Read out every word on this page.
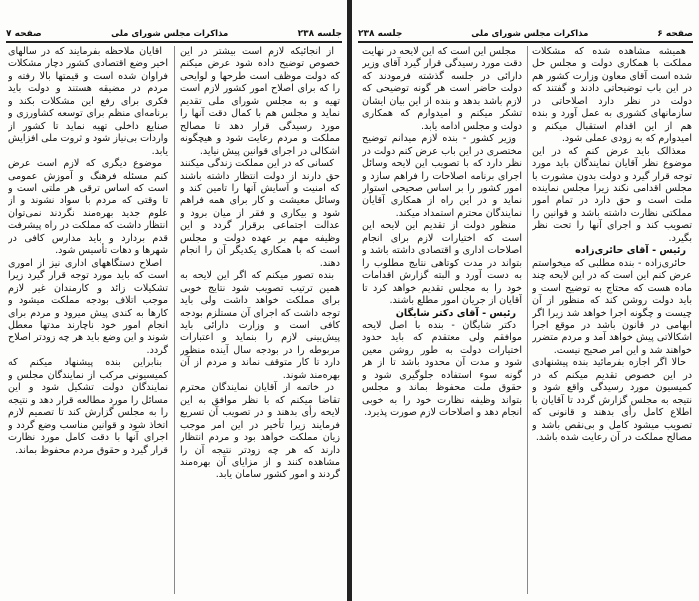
جلسه ۲۳۸
مذاکرات مجلس شورای ملی
صفحه ۷

از آنجائیکه لازم است بیشتر در این خصوص توضیح داده شود عرض میکنم که دولت موظف است طرحها و لوایحی را که برای اصلاح امور کشور لازم است تهیه و به مجلس شورای ملی تقدیم نماید و مجلس هم با کمال دقت آنها را مورد رسیدگی قرار دهد تا مصالح مملکت و مردم رعایت شود و هیچگونه اشکالی در اجرای قوانین پیش نیاید.

کسانی که در این مملکت زندگی میکنند حق دارند از دولت انتظار داشته باشند که امنیت و آسایش آنها را تامین کند و وسائل معیشت و کار برای همه فراهم شود و بیکاری و فقر از میان برود و عدالت اجتماعی برقرار گردد و این وظیفه مهم بر عهده دولت و مجلس است که با همکاری یکدیگر آن را انجام دهند.

بنده تصور میکنم که اگر این لایحه به همین ترتیب تصویب شود نتایج خوبی برای مملکت خواهد داشت ولی باید توجه داشت که اجرای آن مستلزم بودجه کافی است و وزارت دارائی باید پیش‌بینی لازم را بنماید و اعتبارات مربوطه را در بودجه سال آینده منظور دارد تا کار متوقف نماند و مردم از آن بهره‌مند شوند.

در خاتمه از آقایان نمایندگان محترم تقاضا میکنم که با نظر موافق به این لایحه رأی بدهند و در تصویب آن تسریع فرمایند زیرا تأخیر در این امر موجب زیان مملکت خواهد بود و مردم انتظار دارند که هر چه زودتر نتیجه آن را مشاهده کنند و از مزایای آن بهره‌مند گردند و امور کشور سامان یابد.

آقایان ملاحظه بفرمایند که در سالهای اخیر وضع اقتصادی کشور دچار مشکلات فراوان شده است و قیمتها بالا رفته و مردم در مضیقه هستند و دولت باید فکری برای رفع این مشکلات بکند و برنامه‌ای منظم برای توسعه کشاورزی و صنایع داخلی تهیه نماید تا کشور از واردات بی‌نیاز شود و ثروت ملی افزایش یابد.

موضوع دیگری که لازم است عرض کنم مسئله فرهنگ و آموزش عمومی است که اساس ترقی هر ملتی است و تا وقتی که مردم با سواد نشوند و از علوم جدید بهره‌مند نگردند نمی‌توان انتظار داشت که مملکت در راه پیشرفت قدم بردارد و باید مدارس کافی در شهرها و دهات تأسیس شود.

اصلاح دستگاههای اداری نیز از اموری است که باید مورد توجه قرار گیرد زیرا تشکیلات زائد و کارمندان غیر لازم موجب اتلاف بودجه مملکت میشود و کارها به کندی پیش میرود و مردم برای انجام امور خود ناچارند مدتها معطل شوند و این وضع باید هر چه زودتر اصلاح گردد.

بنابراین بنده پیشنهاد میکنم که کمیسیونی مرکب از نمایندگان مجلس و نمایندگان دولت تشکیل شود و این مسائل را مورد مطالعه قرار دهد و نتیجه را به مجلس گزارش کند تا تصمیم لازم اتخاذ شود و قوانین مناسب وضع گردد و اجرای آنها با دقت کامل مورد نظارت قرار گیرد و حقوق مردم محفوظ بماند.

صفحه ۶
مذاکرات مجلس شورای ملی
جلسه ۲۳۸

همیشه مشاهده شده که مشکلات مملکت با همکاری دولت و مجلس حل شده است آقای معاون وزارت کشور هم در این باب توضیحاتی دادند و گفتند که دولت در نظر دارد اصلاحاتی در سازمانهای کشوری به عمل آورد و بنده هم از این اقدام استقبال میکنم و امیدوارم که به زودی عملی شود.

معذالک باید عرض کنم که در این موضوع نظر آقایان نمایندگان باید مورد توجه قرار گیرد و دولت بدون مشورت با مجلس اقدامی نکند زیرا مجلس نماینده ملت است و حق دارد در تمام امور مملکتی نظارت داشته باشد و قوانین را تصویب کند و اجرای آنها را تحت نظر بگیرد.

رئیس - آقای حائری‌زاده

حائری‌زاده - بنده مطلبی که میخواستم عرض کنم این است که در این لایحه چند ماده هست که محتاج به توضیح است و باید دولت روشن کند که منظور از آن چیست و چگونه اجرا خواهد شد زیرا اگر ابهامی در قانون باشد در موقع اجرا اشکالاتی پیش خواهد آمد و مردم متضرر خواهند شد و این امر صحیح نیست.

حالا اگر اجازه بفرمائید بنده پیشنهادی در این خصوص تقدیم میکنم که در کمیسیون مورد رسیدگی واقع شود و نتیجه به مجلس گزارش گردد تا آقایان با اطلاع کامل رأی بدهند و قانونی که تصویب میشود کامل و بی‌نقص باشد و مصالح مملکت در آن رعایت شده باشد.

مجلس این است که این لایحه در نهایت دقت مورد رسیدگی قرار گیرد آقای وزیر دارائی در جلسه گذشته فرمودند که دولت حاضر است هر گونه توضیحی که لازم باشد بدهد و بنده از این بیان ایشان تشکر میکنم و امیدوارم که همکاری دولت و مجلس ادامه یابد.

وزیر کشور - بنده لازم میدانم توضیح مختصری در این باب عرض کنم دولت در نظر دارد که با تصویب این لایحه وسائل اجرای برنامه اصلاحات را فراهم سازد و امور کشور را بر اساس صحیحی استوار نماید و در این راه از همکاری آقایان نمایندگان محترم استمداد میکند.

منظور دولت از تقدیم این لایحه این است که اختیارات لازم برای انجام اصلاحات اداری و اقتصادی داشته باشد و بتواند در مدت کوتاهی نتایج مطلوب را به دست آورد و البته گزارش اقدامات خود را به مجلس تقدیم خواهد کرد تا آقایان از جریان امور مطلع باشند.

رئیس - آقای دکتر شایگان

دکتر شایگان - بنده با اصل لایحه موافقم ولی معتقدم که باید حدود اختیارات دولت به طور روشن معین شود و مدت آن محدود باشد تا از هر گونه سوء استفاده جلوگیری شود و حقوق ملت محفوظ بماند و مجلس بتواند وظیفه نظارت خود را به خوبی انجام دهد و اصلاحات لازم صورت پذیرد.
